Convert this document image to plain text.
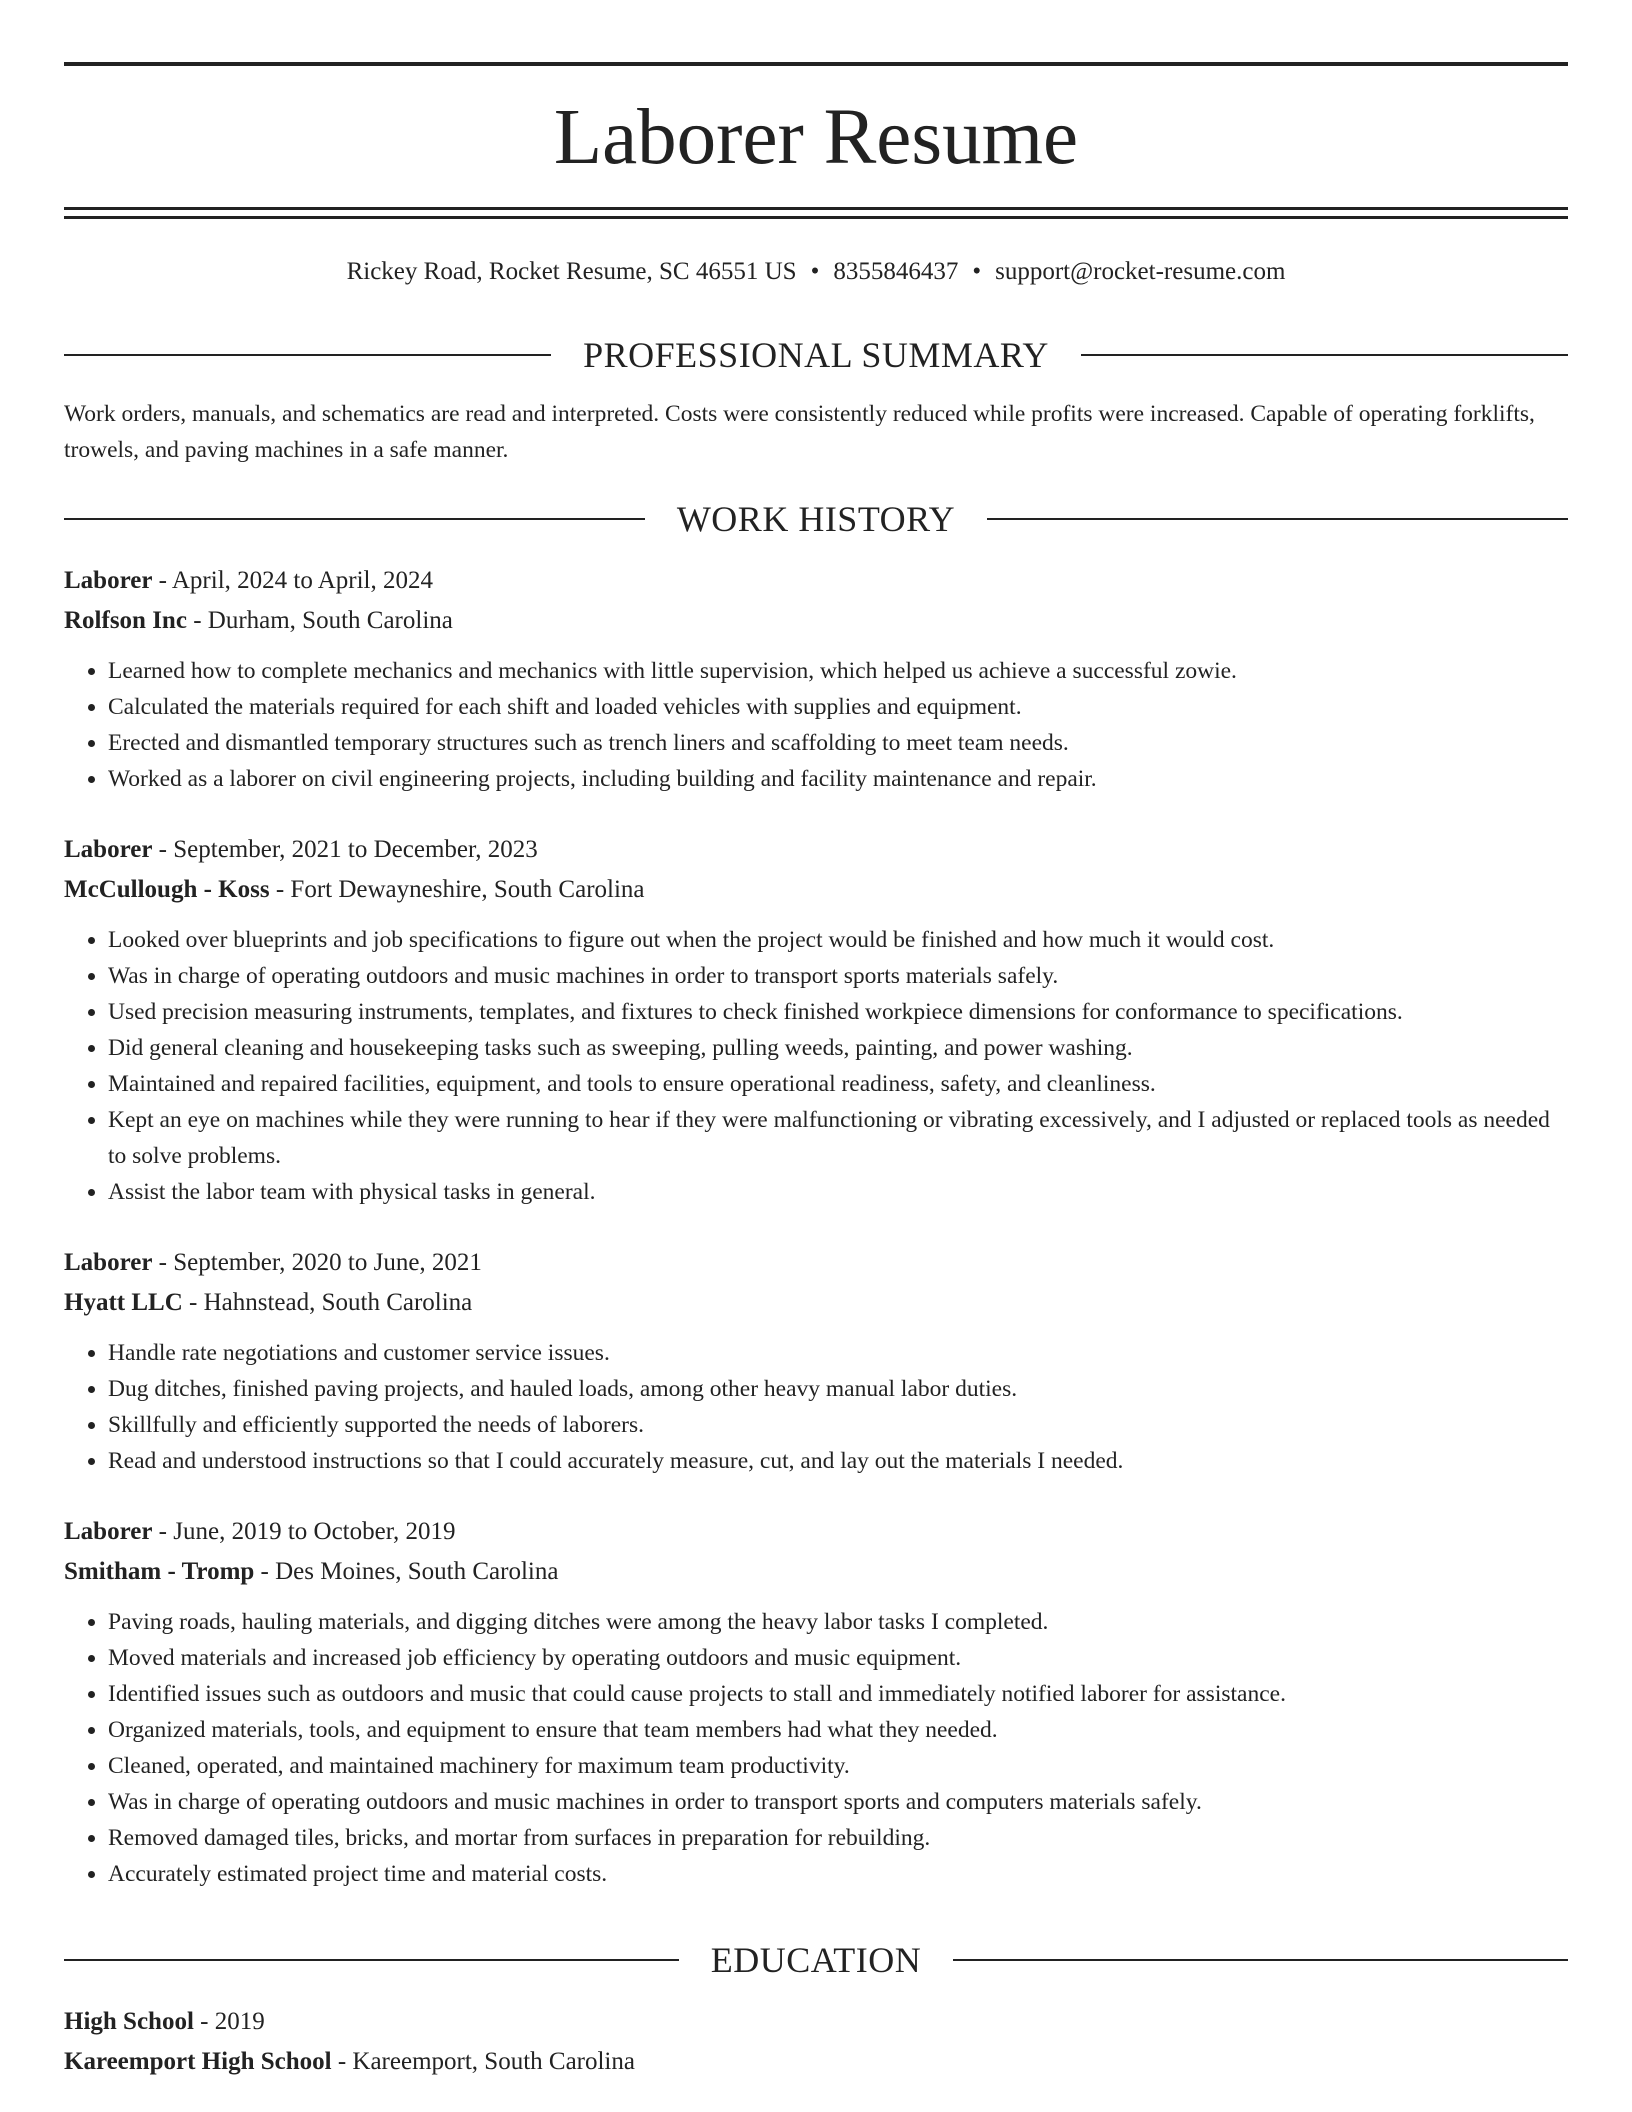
Laborer Resume
Rickey Road, Rocket Resume, SC 46551 US • 8355846437 • support@rocket-resume.com
PROFESSIONAL SUMMARY
Work orders, manuals, and schematics are read and interpreted. Costs were consistently reduced while profits were increased. Capable of operating forklifts, trowels, and paving machines in a safe manner.
WORK HISTORY
Laborer - April, 2024 to April, 2024
Rolfson Inc - Durham, South Carolina
• Learned how to complete mechanics and mechanics with little supervision, which helped us achieve a successful zowie.
• Calculated the materials required for each shift and loaded vehicles with supplies and equipment.
• Erected and dismantled temporary structures such as trench liners and scaffolding to meet team needs.
• Worked as a laborer on civil engineering projects, including building and facility maintenance and repair.
Laborer - September, 2021 to December, 2023
McCullough - Koss - Fort Dewayneshire, South Carolina
• Looked over blueprints and job specifications to figure out when the project would be finished and how much it would cost.
• Was in charge of operating outdoors and music machines in order to transport sports materials safely.
• Used precision measuring instruments, templates, and fixtures to check finished workpiece dimensions for conformance to specifications.
• Did general cleaning and housekeeping tasks such as sweeping, pulling weeds, painting, and power washing.
• Maintained and repaired facilities, equipment, and tools to ensure operational readiness, safety, and cleanliness.
• Kept an eye on machines while they were running to hear if they were malfunctioning or vibrating excessively, and I adjusted or replaced tools as needed to solve problems.
• Assist the labor team with physical tasks in general.
Laborer - September, 2020 to June, 2021
Hyatt LLC - Hahnstead, South Carolina
• Handle rate negotiations and customer service issues.
• Dug ditches, finished paving projects, and hauled loads, among other heavy manual labor duties.
• Skillfully and efficiently supported the needs of laborers.
• Read and understood instructions so that I could accurately measure, cut, and lay out the materials I needed.
Laborer - June, 2019 to October, 2019
Smitham - Tromp - Des Moines, South Carolina
• Paving roads, hauling materials, and digging ditches were among the heavy labor tasks I completed.
• Moved materials and increased job efficiency by operating outdoors and music equipment.
• Identified issues such as outdoors and music that could cause projects to stall and immediately notified laborer for assistance.
• Organized materials, tools, and equipment to ensure that team members had what they needed.
• Cleaned, operated, and maintained machinery for maximum team productivity.
• Was in charge of operating outdoors and music machines in order to transport sports and computers materials safely.
• Removed damaged tiles, bricks, and mortar from surfaces in preparation for rebuilding.
• Accurately estimated project time and material costs.
EDUCATION
High School - 2019
Kareemport High School - Kareemport, South Carolina
